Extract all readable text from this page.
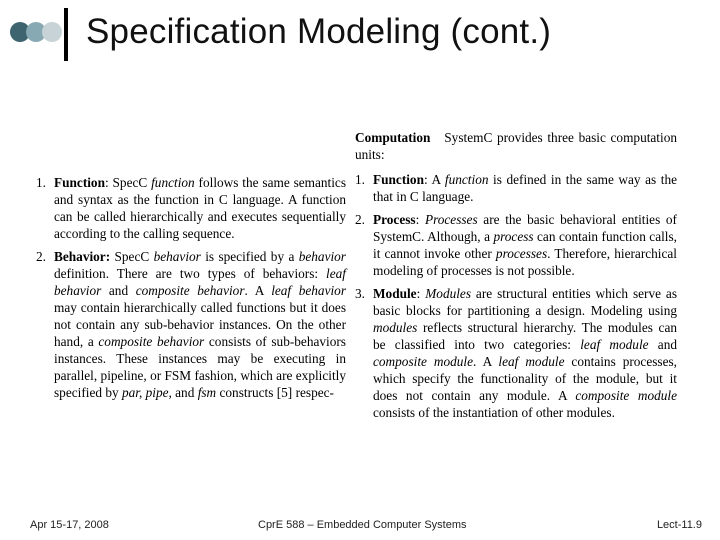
Specification Modeling (cont.)
1. Function: SpecC function follows the same semantics and syntax as the function in C language. A function can be called hierarchically and executes sequentially according to the calling sequence.
2. Behavior: SpecC behavior is specified by a behavior definition. There are two types of behaviors: leaf behavior and composite behavior. A leaf behavior may contain hierarchically called functions but it does not contain any sub-behavior instances. On the other hand, a composite behavior consists of sub-behaviors instances. These instances may be executing in parallel, pipeline, or FSM fashion, which are explicitly specified by par, pipe, and fsm constructs [5] respec-
Computation SystemC provides three basic computation units:
1. Function: A function is defined in the same way as the that in C language.
2. Process: Processes are the basic behavioral entities of SystemC. Although, a process can contain function calls, it cannot invoke other processes. Therefore, hierarchical modeling of processes is not possible.
3. Module: Modules are structural entities which serve as basic blocks for partitioning a design. Modeling using modules reflects structural hierarchy. The modules can be classified into two categories: leaf module and composite module. A leaf module contains processes, which specify the functionality of the module, but it does not contain any module. A composite module consists of the instantiation of other modules.
Apr 15-17, 2008	CprE 588 – Embedded Computer Systems	Lect-11.9
